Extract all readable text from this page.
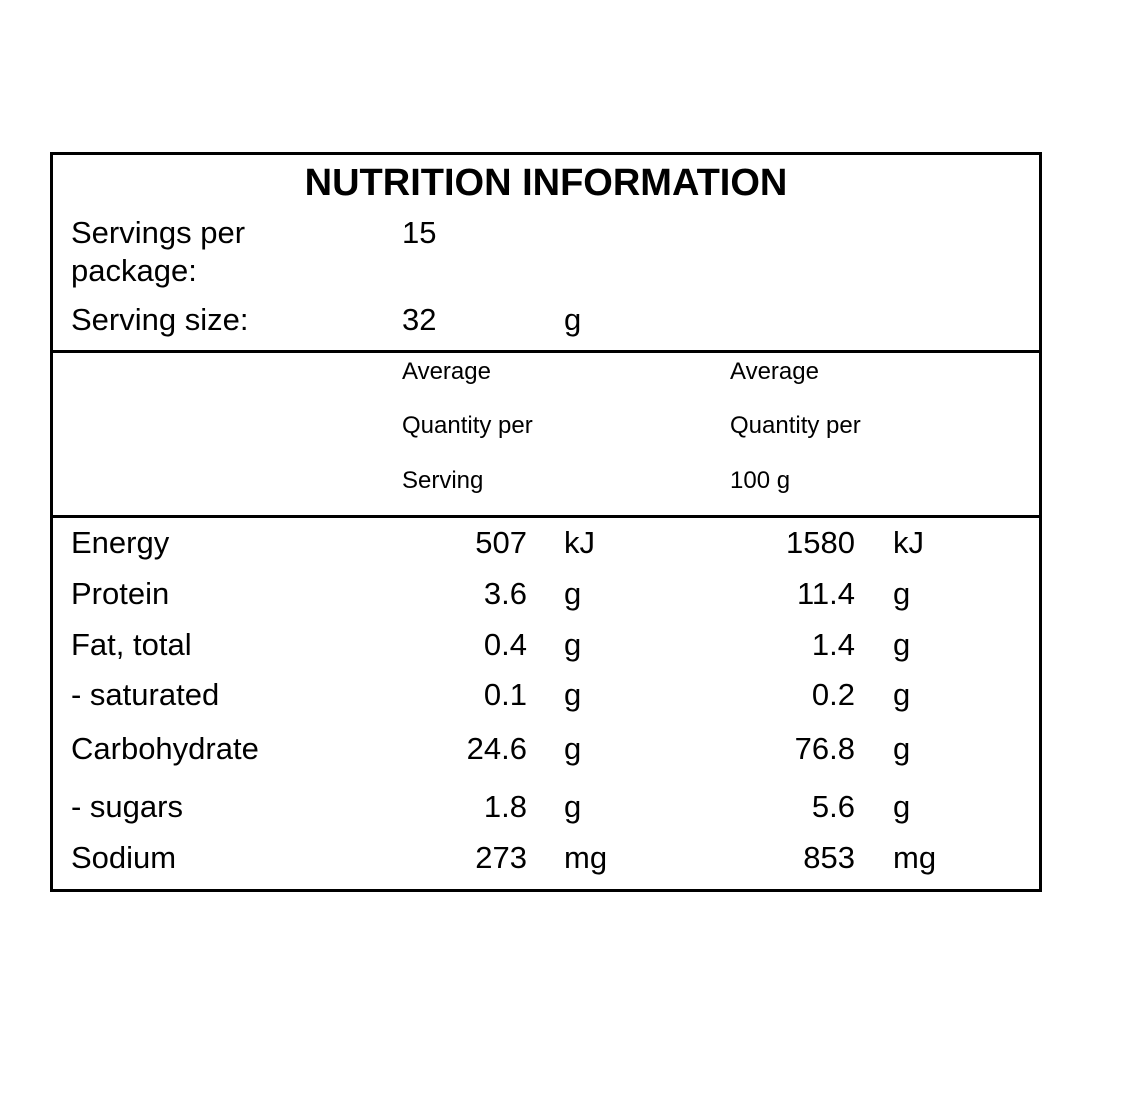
NUTRITION INFORMATION
Servings per
package:
15
Serving size:	32	g
Average
Quantity per
Serving
Average
Quantity per
100 g
Energy	507 kJ	1580 kJ
Protein	3.6 g	11.4 g
Fat, total	0.4 g	1.4 g
- saturated	0.1 g	0.2 g
Carbohydrate	24.6 g	76.8 g
- sugars	1.8 g	5.6 g
Sodium	273 mg	853 mg
